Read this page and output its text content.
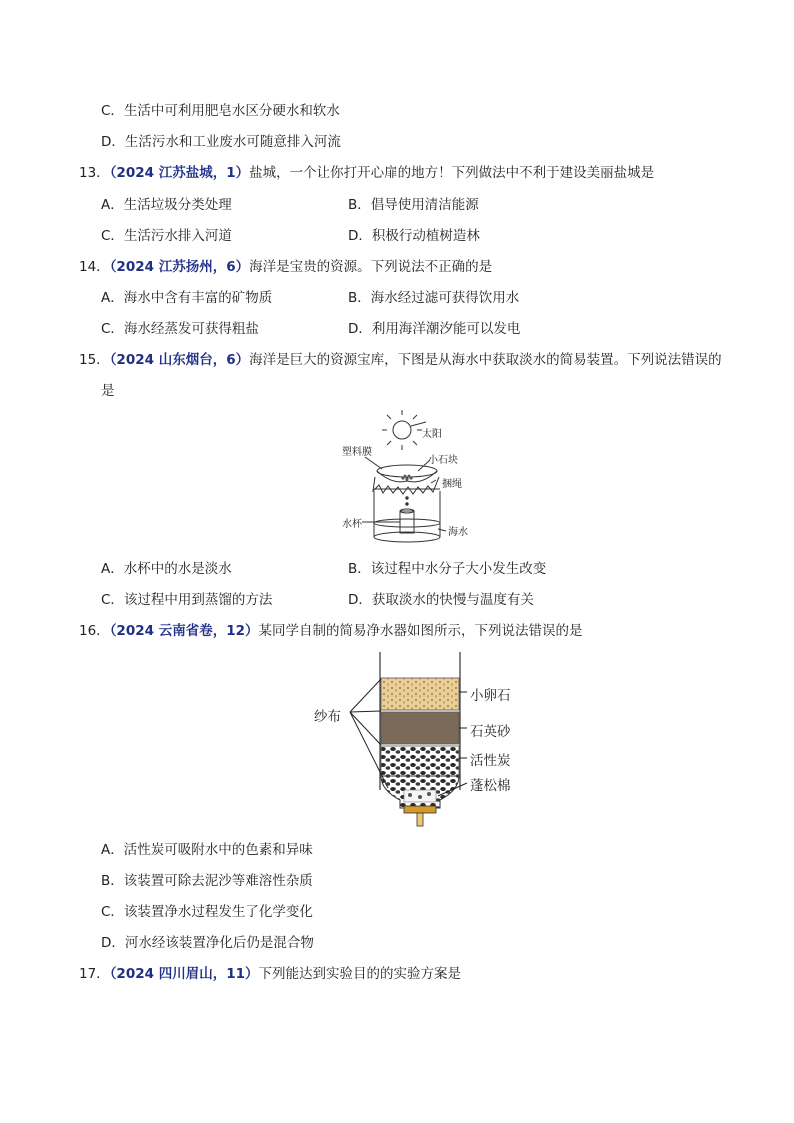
C．生活中可利用肥皂水区分硬水和软水
D．生活污水和工业废水可随意排入河流
13．（2024 江苏盐城，1）盐城，一个让你打开心扉的地方！下列做法中不利于建设美丽盐城是
A．生活垃圾分类处理	B．倡导使用清洁能源
C．生活污水排入河道	D．积极行动植树造林
14．（2024 江苏扬州，6）海洋是宝贵的资源。下列说法不正确的是
A．海水中含有丰富的矿物质	B．海水经过滤可获得饮用水
C．海水经蒸发可获得粗盐	D．利用海洋潮汐能可以发电
15．（2024 山东烟台，6）海洋是巨大的资源宝库，下图是从海水中获取淡水的简易装置。下列说法错误的
是
太阳
塑料膜
小石块
捆绳
水杯
海水
A．水杯中的水是淡水	B．该过程中水分子大小发生改变
C．该过程中用到蒸馏的方法	D．获取淡水的快慢与温度有关
16．（2024 云南省卷，12）某同学自制的简易净水器如图所示，下列说法错误的是
纱布
小卵石
石英砂
活性炭
蓬松棉
A．活性炭可吸附水中的色素和异味
B．该装置可除去泥沙等难溶性杂质
C．该装置净水过程发生了化学变化
D．河水经该装置净化后仍是混合物
17．（2024 四川眉山，11）下列能达到实验目的的实验方案是
